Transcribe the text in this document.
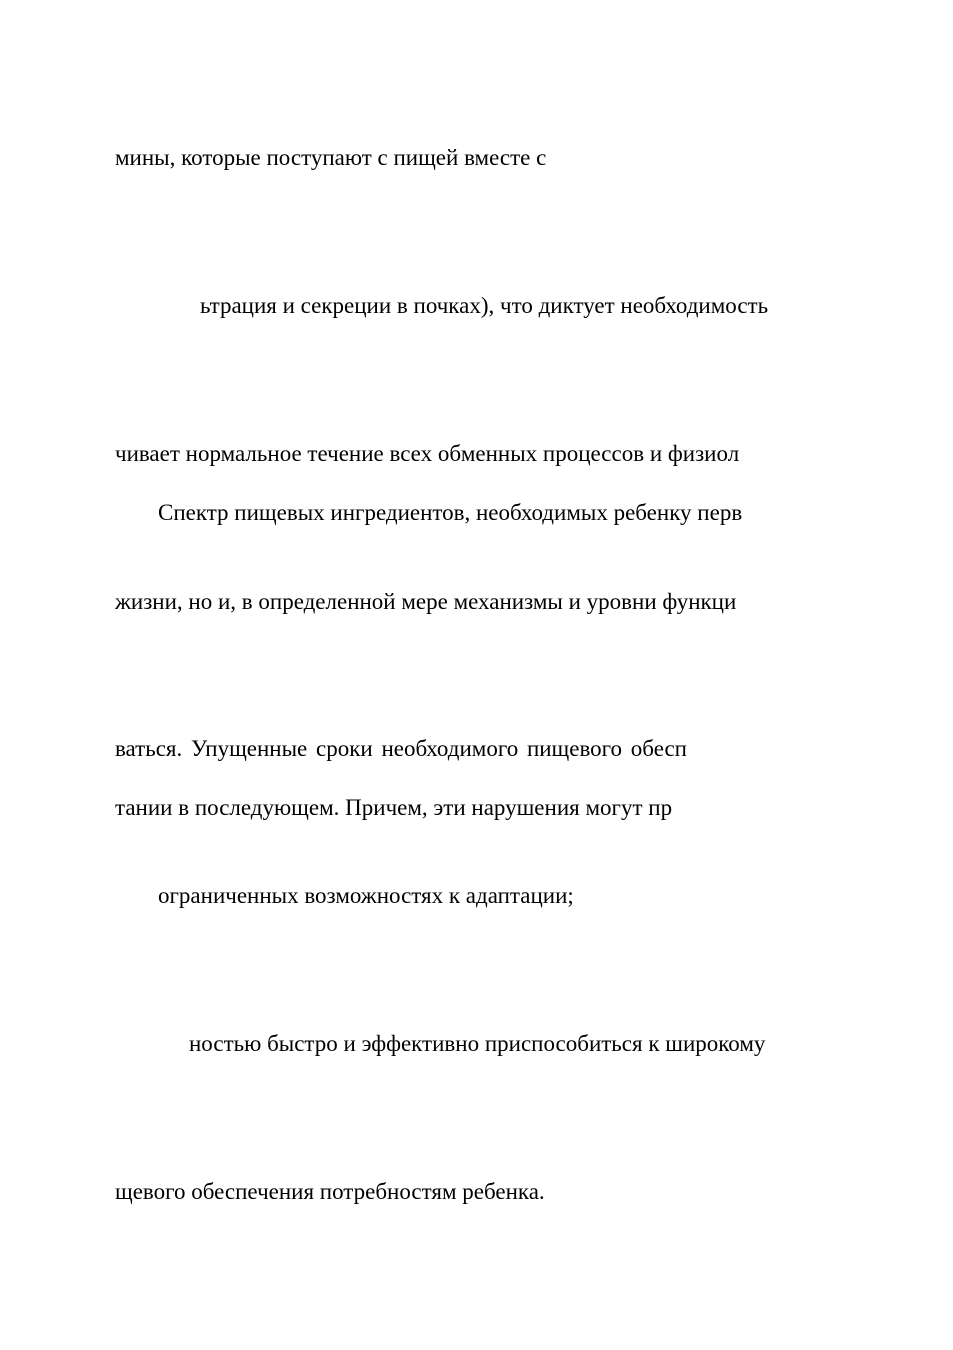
мины, которые поступают с пищей вместе с

ьтрация и секреции в почках), что диктует необходимость

чивает нормальное течение всех обменных процессов и физиол

Спектр пищевых ингредиентов, необходимых ребенку перв

жизни, но и, в определенной мере механизмы и уровни функци

ваться. Упущенные сроки необходимого пищевого обесп

тании в последующем. Причем, эти нарушения могут пр

ограниченных возможностях к адаптации;

ностью быстро и эффективно приспособиться к широкому

щевого обеспечения потребностям ребенка.
